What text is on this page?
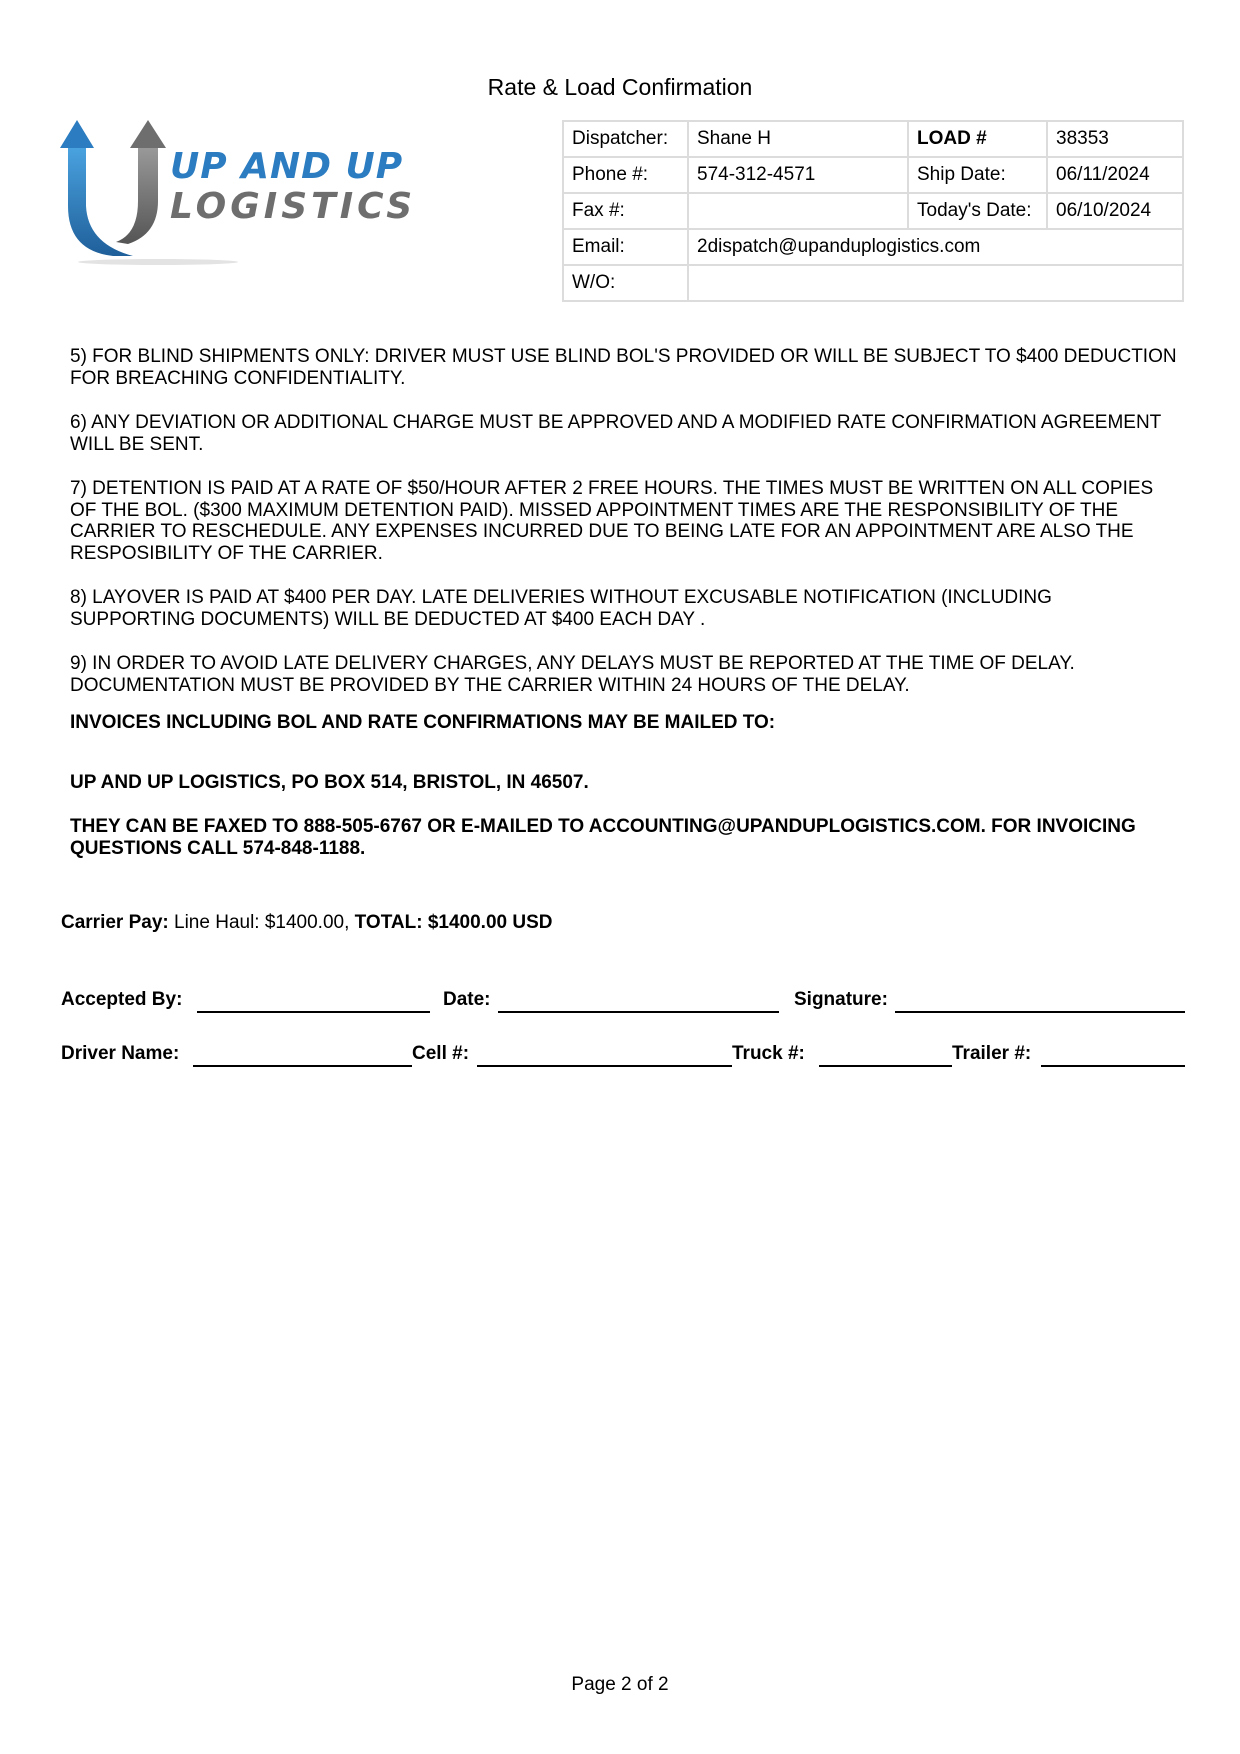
Rate & Load Confirmation
UP AND UP
LOGISTICS
Dispatcher:	Shane H	LOAD #	38353
Phone #:	574-312-4571	Ship Date:	06/11/2024
Fax #:		Today's Date:	06/10/2024
Email:	2dispatch@upanduplogistics.com		
W/O:			

5) FOR BLIND SHIPMENTS ONLY: DRIVER MUST USE BLIND BOL'S PROVIDED OR WILL BE SUBJECT TO $400 DEDUCTION FOR BREACHING CONFIDENTIALITY.

6) ANY DEVIATION OR ADDITIONAL CHARGE MUST BE APPROVED AND A MODIFIED RATE CONFIRMATION AGREEMENT WILL BE SENT.

7) DETENTION IS PAID AT A RATE OF $50/HOUR AFTER 2 FREE HOURS. THE TIMES MUST BE WRITTEN ON ALL COPIES OF THE BOL. ($300 MAXIMUM DETENTION PAID). MISSED APPOINTMENT TIMES ARE THE RESPONSIBILITY OF THE CARRIER TO RESCHEDULE. ANY EXPENSES INCURRED DUE TO BEING LATE FOR AN APPOINTMENT ARE ALSO THE RESPOSIBILITY OF THE CARRIER.

8) LAYOVER IS PAID AT $400 PER DAY. LATE DELIVERIES WITHOUT EXCUSABLE NOTIFICATION (INCLUDING SUPPORTING DOCUMENTS) WILL BE DEDUCTED AT $400 EACH DAY .

9) IN ORDER TO AVOID LATE DELIVERY CHARGES, ANY DELAYS MUST BE REPORTED AT THE TIME OF DELAY. DOCUMENTATION MUST BE PROVIDED BY THE CARRIER WITHIN 24 HOURS OF THE DELAY.

INVOICES INCLUDING BOL AND RATE CONFIRMATIONS MAY BE MAILED TO:
UP AND UP LOGISTICS, PO BOX 514, BRISTOL, IN 46507.
THEY CAN BE FAXED TO 888-505-6767 OR E-MAILED TO ACCOUNTING@UPANDUPLOGISTICS.COM. FOR INVOICING QUESTIONS CALL 574-848-1188.
Carrier Pay: Line Haul: $1400.00, TOTAL: $1400.00 USD
Accepted By:	Date:	Signature:
Driver Name:	Cell #:	Truck #:	Trailer #:
Page 2 of 2
